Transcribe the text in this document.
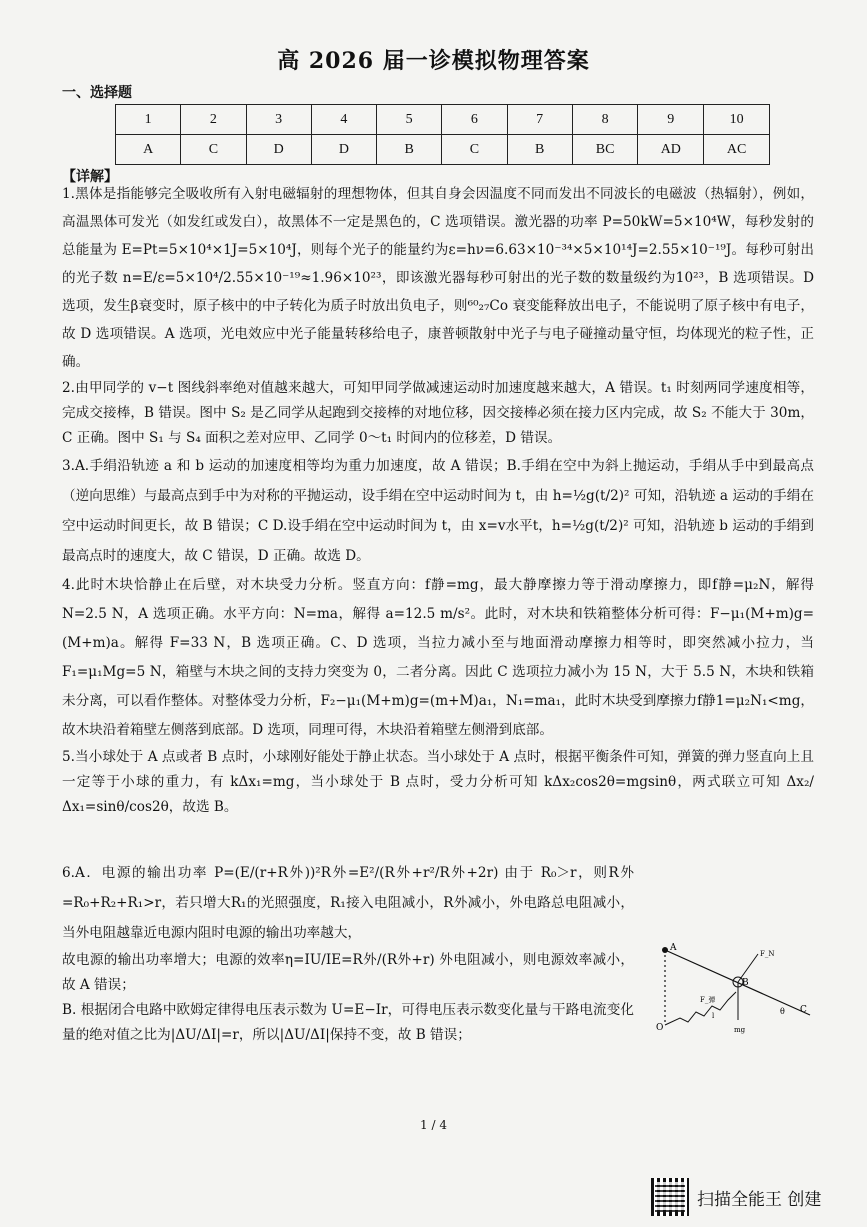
高 2026 届一诊模拟物理答案
一、选择题
1	2	3	4	5	6	7	8	9	10
A	C	D	D	B	C	B	BC	AD	AC
【详解】

1.黑体是指能够完全吸收所有入射电磁辐射的理想物体，但其自身会因温度不同而发出不同波长的电磁波（热辐射），例如，高温黑体可发光（如发红或发白），故黑体不一定是黑色的，C 选项错误。激光器的功率 P=50kW=5×10⁴W，每秒发射的总能量为 E=Pt=5×10⁴×1J=5×10⁴J，则每个光子的能量约为ε=hν=6.63×10⁻³⁴×5×10¹⁴J=2.55×10⁻¹⁹J。每秒可射出的光子数 n=E/ε=5×10⁴/2.55×10⁻¹⁹≈1.96×10²³，即该激光器每秒可射出的光子数的数量级约为10²³，B 选项错误。D 选项，发生β衰变时，原子核中的中子转化为质子时放出负电子，则⁶⁰₂₇Co 衰变能释放出电子，不能说明了原子核中有电子，故 D 选项错误。A 选项，光电效应中光子能量转移给电子，康普顿散射中光子与电子碰撞动量守恒，均体现光的粒子性，正确。

2.由甲同学的 v−t 图线斜率绝对值越来越大，可知甲同学做减速运动时加速度越来越大，A 错误。t₁ 时刻两同学速度相等，完成交接棒，B 错误。图中 S₂ 是乙同学从起跑到交接棒的对地位移，因交接棒必须在接力区内完成，故 S₂ 不能大于 30m，C 正确。图中 S₁ 与 S₄ 面积之差对应甲、乙同学 0～t₁ 时间内的位移差，D 错误。

3.A.手绢沿轨迹 a 和 b 运动的加速度相等均为重力加速度，故 A 错误；B.手绢在空中为斜上抛运动，手绢从手中到最高点（逆向思维）与最高点到手中为对称的平抛运动，设手绢在空中运动时间为 t，由 h=½g(t/2)² 可知，沿轨迹 a 运动的手绢在空中运动时间更长，故 B 错误；C D.设手绢在空中运动时间为 t，由 x=v水平t，h=½g(t/2)² 可知，沿轨迹 b 运动的手绢到最高点时的速度大，故 C 错误，D 正确。故选 D。

4.此时木块恰静止在后壁，对木块受力分析。竖直方向：f静=mg，最大静摩擦力等于滑动摩擦力，即f静=μ₂N，解得 N=2.5 N，A 选项正确。水平方向：N=ma，解得 a=12.5 m/s²。此时，对木块和铁箱整体分析可得：F−μ₁(M+m)g=(M+m)a。解得 F=33 N，B 选项正确。C、D 选项，当拉力减小至与地面滑动摩擦力相等时，即突然减小拉力，当F₁=μ₁Mg=5 N，箱壁与木块之间的支持力突变为 0，二者分离。因此 C 选项拉力减小为 15 N，大于 5.5 N，木块和铁箱未分离，可以看作整体。对整体受力分析，F₂−μ₁(M+m)g=(m+M)a₁，N₁=ma₁，此时木块受到摩擦力f静1=μ₂N₁<mg，故木块沿着箱壁左侧落到底部。D 选项，同理可得，木块沿着箱壁左侧滑到底部。

5.当小球处于 A 点或者 B 点时，小球刚好能处于静止状态。当小球处于 A 点时，根据平衡条件可知，弹簧的弹力竖直向上且一定等于小球的重力，有 kΔx₁=mg，当小球处于 B 点时，受力分析可知 kΔx₂cos2θ=mgsinθ，两式联立可知 Δx₂/Δx₁=sinθ/cos2θ，故选 B。

6.A．电源的输出功率 P=(E/(r+R外))²R外=E²/(R外+r²/R外+2r) 由于 R₀＞r，则R外=R₀+R₂+R₁>r，若只增大R₁的光照强度，R₁接入电阻减小，R外减小，外电路总电阻减小，当外电阻越靠近电源内阻时电源的输出功率越大，

故电源的输出功率增大；电源的效率η=IU/IE=R外/(R外+r) 外电阻减小，则电源效率减小，故 A 错误；

B. 根据闭合电路中欧姆定律得电压表示数为 U=E−Ir，可得电压表示数变化量与干路电流变化量的绝对值之比为|ΔU/ΔI|=r，所以|ΔU/ΔI|保持不变，故 B 错误；

A
B
C
O
F_N
F_弹
mg
θ
l
1 / 4
扫描全能王 创建
